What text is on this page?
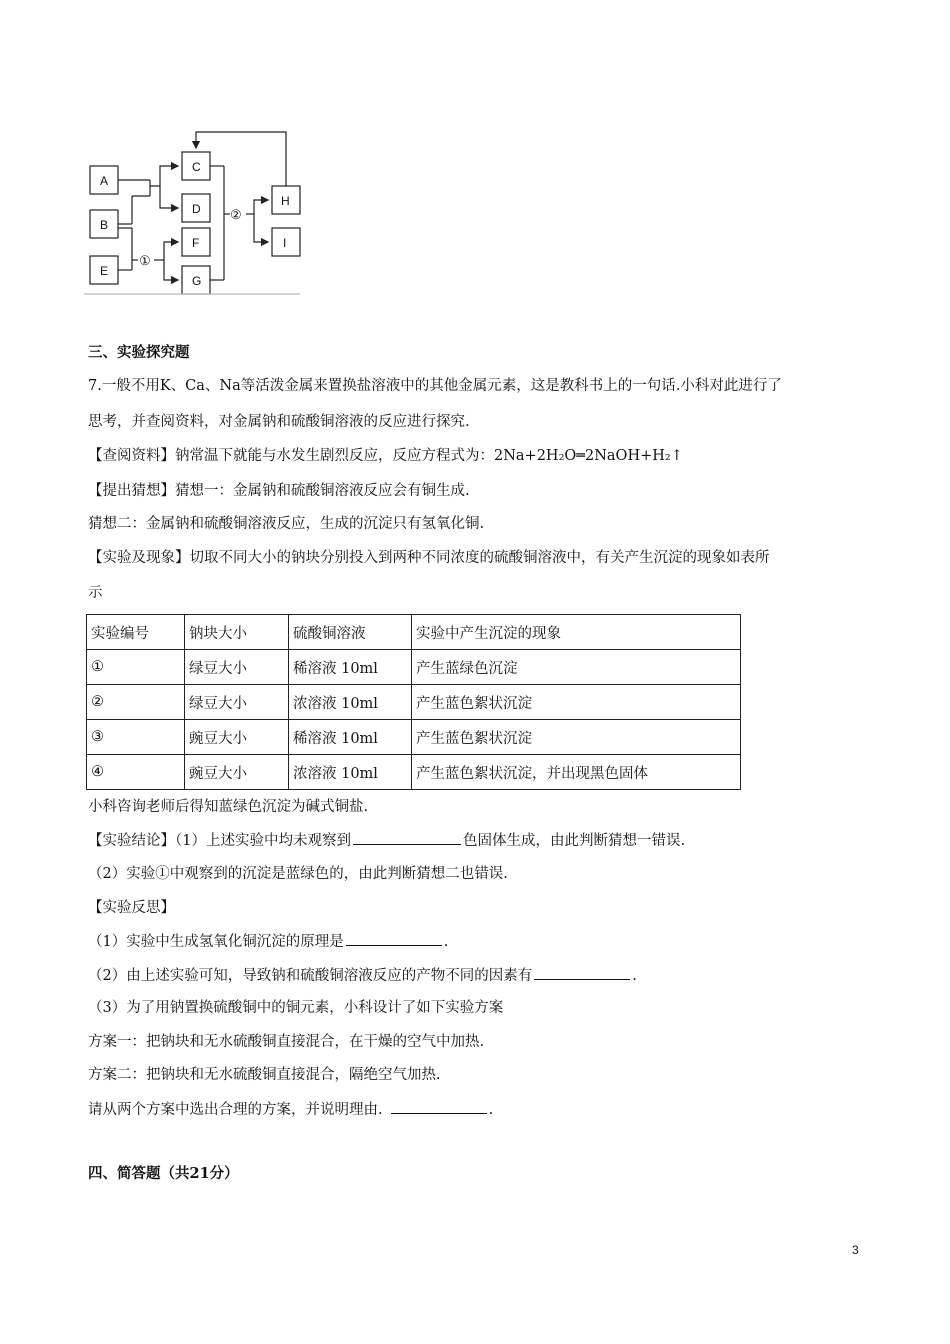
A
B
E
C
D
F
G
H
I
①
②
三、实验探究题
7.一般不用K、Ca、Na等活泼金属来置换盐溶液中的其他金属元素，这是教科书上的一句话.小科对此进行了
思考，并查阅资料，对金属钠和硫酸铜溶液的反应进行探究.
【查阅资料】钠常温下就能与水发生剧烈反应，反应方程式为：2Na+2H₂O═2NaOH+H₂↑
【提出猜想】猜想一：金属钠和硫酸铜溶液反应会有铜生成.
猜想二：金属钠和硫酸铜溶液反应，生成的沉淀只有氢氧化铜.
【实验及现象】切取不同大小的钠块分别投入到两种不同浓度的硫酸铜溶液中，有关产生沉淀的现象如表所
示
实验编号	钠块大小	硫酸铜溶液	实验中产生沉淀的现象
①	绿豆大小	稀溶液 10ml	产生蓝绿色沉淀
②	绿豆大小	浓溶液 10ml	产生蓝色絮状沉淀
③	豌豆大小	稀溶液 10ml	产生蓝色絮状沉淀
④	豌豆大小	浓溶液 10ml	产生蓝色絮状沉淀，并出现黑色固体
小科咨询老师后得知蓝绿色沉淀为碱式铜盐.
【实验结论】（1）上述实验中均未观察到	色固体生成，由此判断猜想一错误.
（2）实验①中观察到的沉淀是蓝绿色的，由此判断猜想二也错误.
【实验反思】
（1）实验中生成氢氧化铜沉淀的原理是	.
（2）由上述实验可知，导致钠和硫酸铜溶液反应的产物不同的因素有	.
（3）为了用钠置换硫酸铜中的铜元素，小科设计了如下实验方案
方案一：把钠块和无水硫酸铜直接混合，在干燥的空气中加热.
方案二：把钠块和无水硫酸铜直接混合，隔绝空气加热.
请从两个方案中选出合理的方案，并说明理由.	.
四、简答题（共21分）
3
